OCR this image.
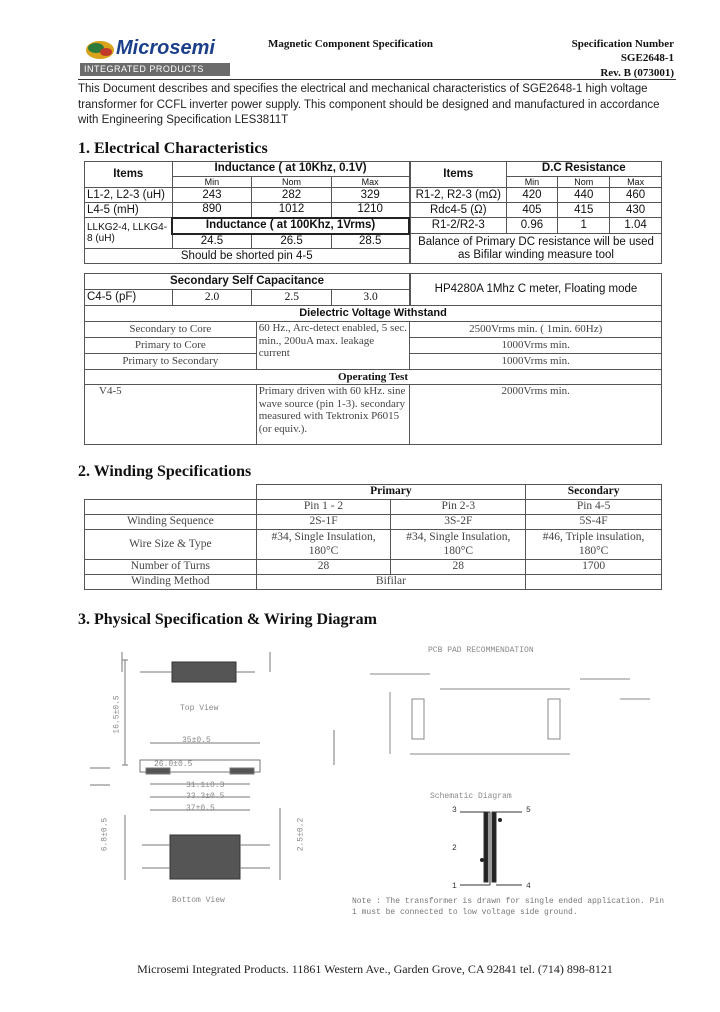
Microsemi
INTEGRATED PRODUCTS
Magnetic Component Specification	Specification Number
SGE2648-1
Rev. B (073001)
This Document describes and specifies the electrical and mechanical characteristics of SGE2648-1 high voltage transformer for CCFL inverter power supply. This component should be designed and manufactured in accordance with Engineering Specification LES3811T
1. Electrical Characteristics
Items	Inductance ( at 10Khz, 0.1V)		
	Min	Nom	Max
L1-2, L2-3 (uH)	243	282	329
L4-5 (mH)	890	1012	1210
LLKG2-4, LLKG4-8 (uH)	Inductance ( at 100Khz, 1Vrms)		
	24.5	26.5	28.5
Should be shorted pin 4-5			
Items	D.C Resistance		
	Min	Nom	Max
R1-2, R2-3 (mΩ)	420	440	460
Rdc4-5 (Ω)	405	415	430
R1-2/R2-3	0.96	1	1.04
Balance of Primary DC resistance will be used as Bifilar winding measure tool			
Secondary Self Capacitance
C4-5 (pF)	2.0	2.5	3.0
HP4280A 1Mhz C meter, Floating mode
Dielectric Voltage Withstand		
Secondary to Core	60 Hz., Arc-detect enabled, 5 sec. min., 200uA max. leakage current	2500Vrms min. ( 1min. 60Hz)
Primary to Core		1000Vrms min.
Primary to Secondary		1000Vrms min.
Operating Test		
V4-5	Primary driven with 60 kHz. sine wave source (pin 1-3). secondary measured with Tektronix P6015 (or equiv.).	2000Vrms min.
2. Winding Specifications
	Primary		Secondary
	Pin 1 - 2	Pin 2-3	Pin 4-5
Winding Sequence	2S-1F	3S-2F	5S-4F
Wire Size & Type	#34, Single Insulation, 180°C	#34, Single Insulation, 180°C	#46, Triple insulation, 180°C
Number of Turns	28	28	1700
Winding Method	Bifilar		
3. Physical Specification & Wiring Diagram
Top View
35±0.5
26.0±0.5
31.1±0.3
33.3±0.5
37±0.5
6.8±0.5	2.5±0.2
16.5±0.5
Bottom View
PCB PAD RECOMMENDATION
Schematic Diagram
3
2
1
5
4
Note : The transformer is drawn for single ended application. Pin 1 must be connected to low voltage side ground.
Microsemi Integrated Products. 11861 Western Ave., Garden Grove, CA 92841 tel. (714) 898-8121
